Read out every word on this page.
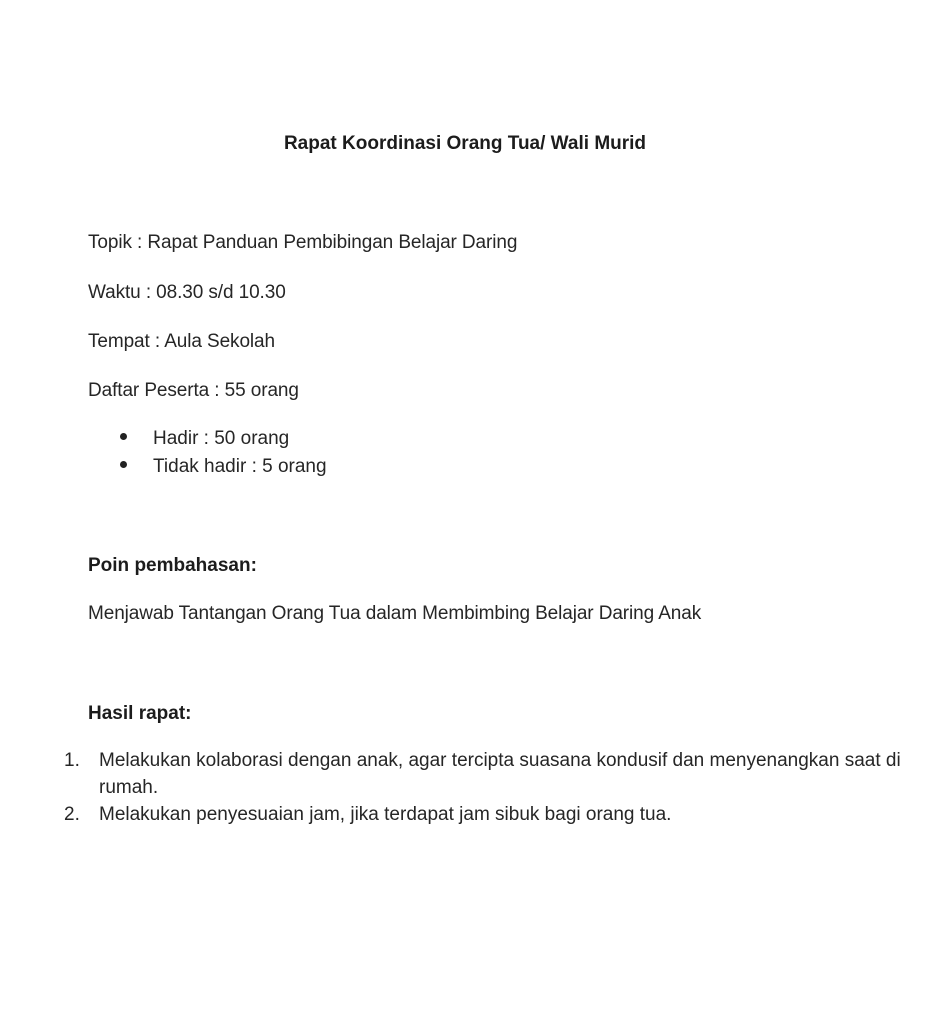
Rapat Koordinasi Orang Tua/ Wali Murid
Topik : Rapat Panduan Pembibingan Belajar Daring
Waktu : 08.30 s/d 10.30
Tempat : Aula Sekolah
Daftar Peserta : 55 orang
Hadir : 50 orang
Tidak hadir : 5 orang
Poin pembahasan:
Menjawab Tantangan Orang Tua dalam Membimbing Belajar Daring Anak
Hasil rapat:
1. Melakukan kolaborasi dengan anak, agar tercipta suasana kondusif dan menyenangkan saat di rumah.
2. Melakukan penyesuaian jam, jika terdapat jam sibuk bagi orang tua.
